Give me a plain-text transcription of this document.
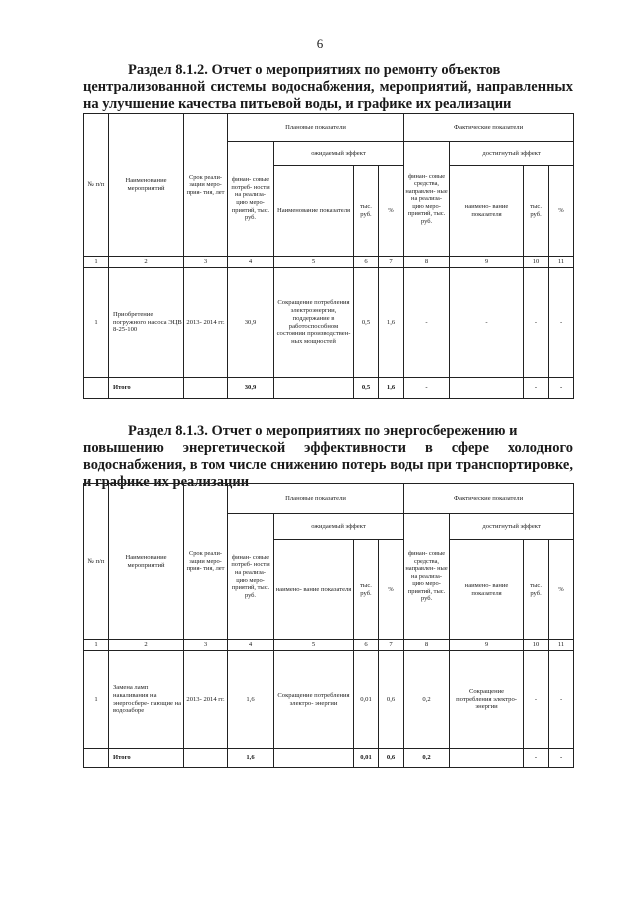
6
Раздел 8.1.2. Отчет о мероприятиях по ремонту объектов
централизованной системы водоснабжения, мероприятий, направленных на улучшение качества питьевой воды, и графике их реализации
№ п/п	Наименование мероприятий	Срок реали- зации меро- прия- тия, лет	Плановые показатели				Фактические показатели			
			финан- совые потреб- ности на реализа- цию меро- приятий, тыс. руб.	ожидаемый эффект			финан- совые средства, направлен- ные на реализа- цию меро- приятий, тыс. руб.	достигнутый эффект		
				Наименование показателя	тыс. руб.	%		наимено- вание показателя	тыс. руб.	%
1	2	3	4	5	6	7	8	9	10	11
1	Приобретение погружного насоса ЭЦВ 8-25-100	2013- 2014 гг.	30,9	Сокращение потребления электроэнергии, поддержание в работоспособном состоянии производствен- ных мощностей	0,5	1,6	-	-	-	-
	Итого		30,9		0,5	1,6	-		-	-
Раздел 8.1.3. Отчет о мероприятиях по энергосбережению и
повышению энергетической эффективности в сфере холодного водоснабжения, в том числе снижению потерь воды при транспортировке, и графике их реализации
№ п/п	Наименование мероприятий	Срок реали- зации меро- прия- тия, лет	Плановые показатели				Фактические показатели			
			финан- совые потреб- ности на реализа- цию меро- приятий, тыс. руб.	ожидаемый эффект			финан- совые средства, направлен- ные на реализа- цию меро- приятий, тыс. руб.	достигнутый эффект		
				наимено- вание показателя	тыс. руб.	%		наимено- вание показателя	тыс. руб.	%
1	2	3	4	5	6	7	8	9	10	11
1	Замена ламп накаливания на энергосбере- гающие на водозаборе	2013- 2014 гг.	1,6	Сокращение потребления электро- энергии	0,01	0,6	0,2	Сокращение потребления электро- энергии	-	-
	Итого		1,6		0,01	0,6	0,2		-	-
